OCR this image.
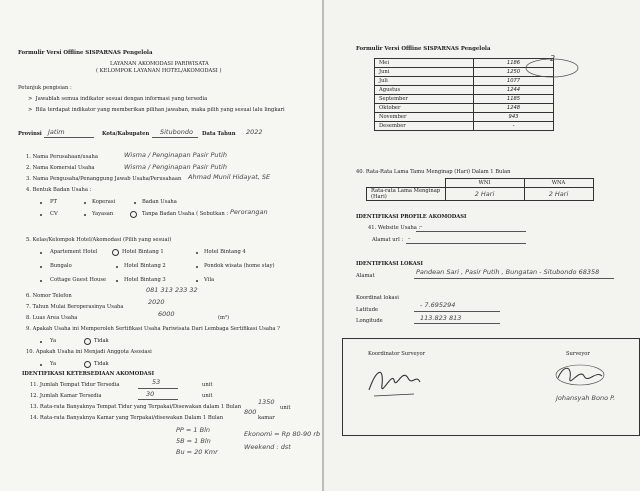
Formulir Versi Offline SISPARNAS Pengelola
LAYANAN AKOMODASI PARIWISATA
( KELOMPOK LAYANAN HOTEL/AKOMODASI )
Petunjuk pengisian :
>  Jawablah semua indikator sesuai dengan informasi yang tersedia
>  Bila terdapat indikator yang memberikan pilihan jawaban, maka pilih yang sesuai lalu lingkari
Provinsi Jatim	Kota/Kabupaten Situbondo Data Tahun 2022
1. Nama Perusahaan/usaha	Wisma / Penginapan Pasir Putih
2. Nama Komersial Usaha	Wisma / Penginapan Pasir Putih
3. Nama Pengusaha/Penanggung Jawab Usaha/Perusahaan Ahmad Munil Hidayat, SE
4. Bentuk Badan Usaha :
PT	Koperasi	Badan Usaha
CV	Yayasan	Tanpa Badan Usaha ( Sebutkan : Perorangan
5. Kelas/Kelompok Hotel/Akomodasi (Pilih yang sesuai)
Apartement Hotel	Hotel Bintang 1	Hotel Bintang 4
Bungalo	Hotel Bintang 2	Pondok wisata (home stay)
Cottage Guest House	Hotel Bintang 3	Vila
081 313 233 32
6. Nomor Telefon
2020
7. Tahun Mulai Beroperasinya Usaha
8. Luas Area Usaha	6000	(m²)
9. Apakah Usaha ini Memperoleh Sertifikasi Usaha Pariwisata Dari Lembaga Sertifikasi Usaha ?
Ya	Tidak
10. Apakah Usaha ini Menjadi Anggota Asosiasi
Ya	Tidak
IDENTIFIKASI KETERSEDIAAN AKOMODASI
11. Jumlah Tempat Tidur Tersedia	53	unit
12. Jumlah Kamar Tersedia	30	unit
1350
13. Rata-rata Banyaknya Tempat Tidur yang Terpakai/Disewakan dalam 1 Bulan	unit
800
14. Rata-rata Banyaknya Kamar yang Terpakai/disewakan Dalam 1 Bulan	kamar
PP = 1 Bln
5B = 1 Bln
Bu = 20 Kmr
Ekonomi = Rp 80-90 rb
Weekend : dst
Formulir Versi Offline SISPARNAS Pengelola
Mei	1186
Juni	1250
Juli	1077
Agustus	1244
September	1185
Oktober	1248
November	943
Desember	-
2
40. Rata-Rata Lama Tamu Menginap (Hari) Dalam 1 Bulan
	WNI	WNA
Rata-rata Lama Menginap (Hari)	2 Hari	2 Hari
IDENTIFIKASI PROFILE AKOMODASI
41. Website Usaha : -
Alamat url : -
IDENTIFIKASI LOKASI
Alamat	Pandean Sari , Pasir Putih , Bungatan - Situbondo 68358
Koordinat lokasi
Latitude
- 7.695294
Longitude	113.823 813
Koordinator Surveyor	Surveyor
Johansyah Bono P.
